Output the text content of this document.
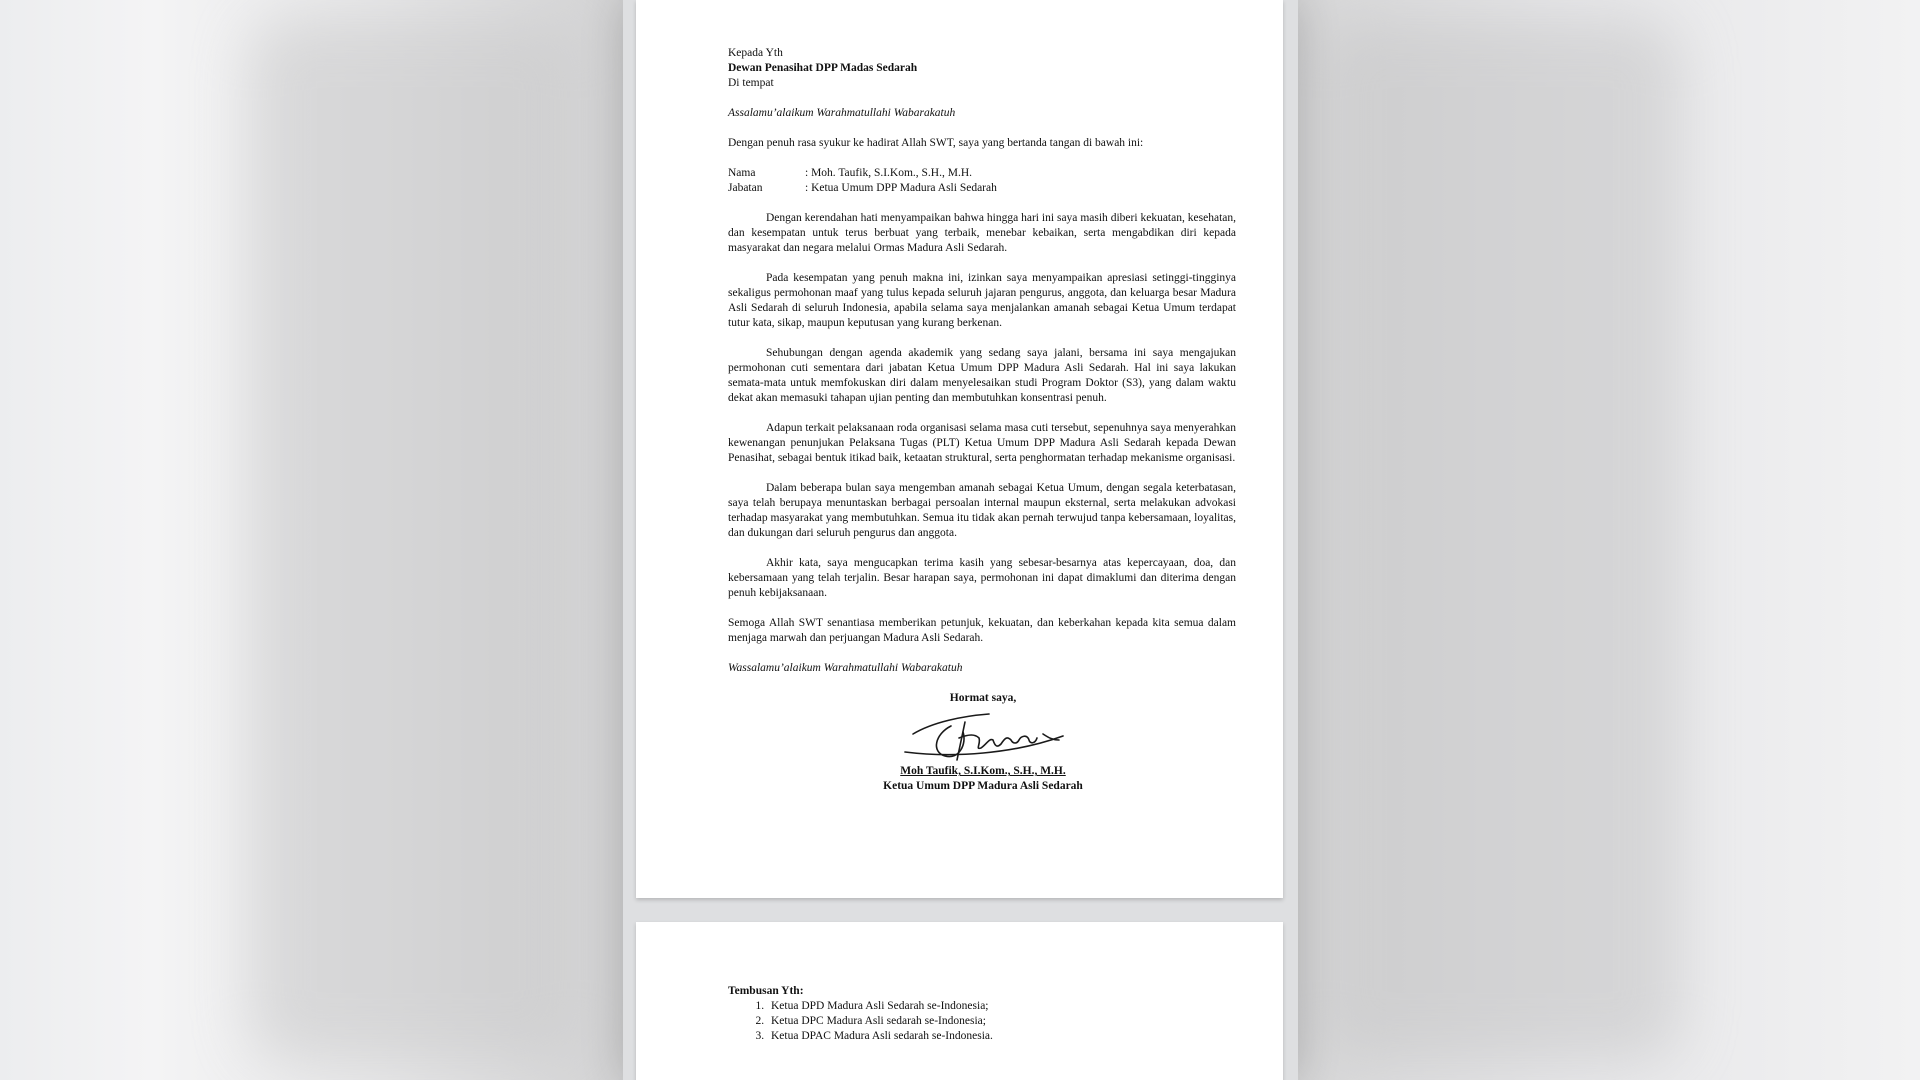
Kepada Yth

Dewan Penasihat DPP Madas Sedarah

Di tempat

Assalamu’alaikum Warahmatullahi Wabarakatuh

Dengan penuh rasa syukur ke hadirat Allah SWT, saya yang bertanda tangan di bawah ini:

Nama	: Moh. Taufik, S.I.Kom., S.H., M.H.
Jabatan	: Ketua Umum DPP Madura Asli Sedarah

Dengan kerendahan hati menyampaikan bahwa hingga hari ini saya masih diberi kekuatan, kesehatan, dan kesempatan untuk terus berbuat yang terbaik, menebar kebaikan, serta mengabdikan diri kepada masyarakat dan negara melalui Ormas Madura Asli Sedarah.

Pada kesempatan yang penuh makna ini, izinkan saya menyampaikan apresiasi setinggi-tingginya sekaligus permohonan maaf yang tulus kepada seluruh jajaran pengurus, anggota, dan keluarga besar Madura Asli Sedarah di seluruh Indonesia, apabila selama saya menjalankan amanah sebagai Ketua Umum terdapat tutur kata, sikap, maupun keputusan yang kurang berkenan.

Sehubungan dengan agenda akademik yang sedang saya jalani, bersama ini saya mengajukan permohonan cuti sementara dari jabatan Ketua Umum DPP Madura Asli Sedarah. Hal ini saya lakukan semata-mata untuk memfokuskan diri dalam menyelesaikan studi Program Doktor (S3), yang dalam waktu dekat akan memasuki tahapan ujian penting dan membutuhkan konsentrasi penuh.

Adapun terkait pelaksanaan roda organisasi selama masa cuti tersebut, sepenuhnya saya menyerahkan kewenangan penunjukan Pelaksana Tugas (PLT) Ketua Umum DPP Madura Asli Sedarah kepada Dewan Penasihat, sebagai bentuk itikad baik, ketaatan struktural, serta penghormatan terhadap mekanisme organisasi.

Dalam beberapa bulan saya mengemban amanah sebagai Ketua Umum, dengan segala keterbatasan, saya telah berupaya menuntaskan berbagai persoalan internal maupun eksternal, serta melakukan advokasi terhadap masyarakat yang membutuhkan. Semua itu tidak akan pernah terwujud tanpa kebersamaan, loyalitas, dan dukungan dari seluruh pengurus dan anggota.

Akhir kata, saya mengucapkan terima kasih yang sebesar-besarnya atas kepercayaan, doa, dan kebersamaan yang telah terjalin. Besar harapan saya, permohonan ini dapat dimaklumi dan diterima dengan penuh kebijaksanaan.

Semoga Allah SWT senantiasa memberikan petunjuk, kekuatan, dan keberkahan kepada kita semua dalam menjaga marwah dan perjuangan Madura Asli Sedarah.

Wassalamu’alaikum Warahmatullahi Wabarakatuh

Hormat saya,

Moh Taufik, S.I.Kom., S.H., M.H.

Ketua Umum DPP Madura Asli Sedarah

Tembusan Yth:

1. Ketua DPD Madura Asli Sedarah se-Indonesia;
2. Ketua DPC Madura Asli sedarah se-Indonesia;
3. Ketua DPAC Madura Asli sedarah se-Indonesia.
